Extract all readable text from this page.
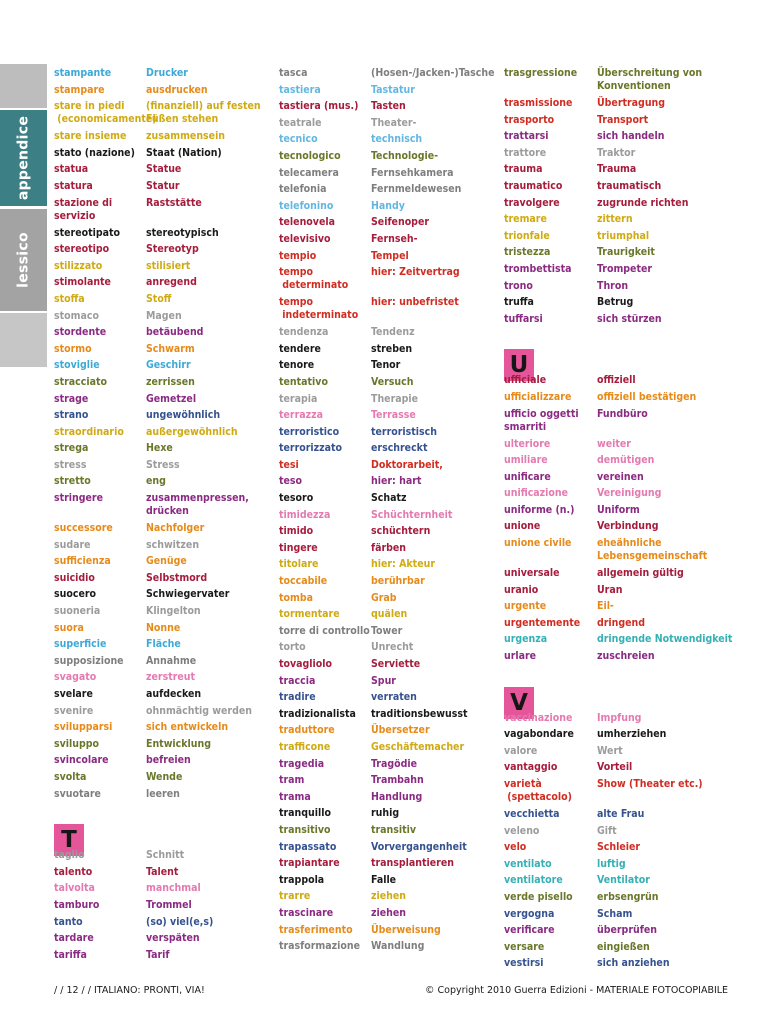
appendice
lessico
stampante
stampare
stare in piedi
(economicamente)
stare insieme
stato (nazione)
statua
statura
stazione di
servizio
stereotipato
stereotipo
stilizzato
stimolante
stoffa
stomaco
stordente
stormo
stoviglie
stracciato
strage
strano
straordinario
strega
stress
stretto
stringere
successore
sudare
sufficienza
suicidio
suocero
suoneria
suora
superficie
supposizione
svagato
svelare
svenire
svilupparsi
sviluppo
svincolare
svolta
svuotare
T
taglio
talento
talvolta
tamburo
tanto
tardare
tariffa
Drucker
ausdrucken
(finanziell) auf festen
Füßen stehen
zusammensein
Staat (Nation)
Statue
Statur
Raststätte
stereotypisch
Stereotyp
stilisiert
anregend
Stoff
Magen
betäubend
Schwarm
Geschirr
zerrissen
Gemetzel
ungewöhnlich
außergewöhnlich
Hexe
Stress
eng
zusammenpressen,
drücken
Nachfolger
schwitzen
Genüge
Selbstmord
Schwiegervater
Klingelton
Nonne
Fläche
Annahme
zerstreut
aufdecken
ohnmächtig werden
sich entwickeln
Entwicklung
befreien
Wende
leeren
Schnitt
Talent
manchmal
Trommel
(so) viel(e,s)
verspäten
Tarif
tasca
tastiera
tastiera (mus.)
teatrale
tecnico
tecnologico
telecamera
telefonia
telefonino
telenovela
televisivo
tempio
tempo
determinato
tempo
indeterminato
tendenza
tendere
tenore
tentativo
terapia
terrazza
terroristico
terrorizzato
tesi
teso
tesoro
timidezza
timido
tingere
titolare
toccabile
tomba
tormentare
torre di controllo
torto
tovagliolo
traccia
tradire
tradizionalista
traduttore
trafficone
tragedia
tram
trama
tranquillo
transitivo
trapassato
trapiantare
trappola
trarre
trascinare
trasferimento
trasformazione
(Hosen-/Jacken-)Tasche
Tastatur
Tasten
Theater-
technisch
Technologie-
Fernsehkamera
Fernmeldewesen
Handy
Seifenoper
Fernseh-
Tempel
hier: Zeitvertrag
hier: unbefristet
Tendenz
streben
Tenor
Versuch
Therapie
Terrasse
terroristisch
erschreckt
Doktorarbeit,
hier: hart
Schatz
Schüchternheit
schüchtern
färben
hier: Akteur
berührbar
Grab
quälen
Tower
Unrecht
Serviette
Spur
verraten
traditionsbewusst
Übersetzer
Geschäftemacher
Tragödie
Trambahn
Handlung
ruhig
transitiv
Vorvergangenheit
transplantieren
Falle
ziehen
ziehen
Überweisung
Wandlung
trasgressione
trasmissione
trasporto
trattarsi
trattore
trauma
traumatico
travolgere
tremare
trionfale
tristezza
trombettista
trono
truffa
tuffarsi
U
ufficiale
ufficializzare
ufficio oggetti
smarriti
ulteriore
umiliare
unificare
unificazione
uniforme (n.)
unione
unione civile
universale
uranio
urgente
urgentemente
urgenza
urlare
V
vaccinazione
vagabondare
valore
vantaggio
varietà
(spettacolo)
vecchietta
veleno
velo
ventilato
ventilatore
verde pisello
vergogna
verificare
versare
vestirsi
Überschreitung von
Konventionen
Übertragung
Transport
sich handeln
Traktor
Trauma
traumatisch
zugrunde richten
zittern
triumphal
Traurigkeit
Trompeter
Thron
Betrug
sich stürzen
offiziell
offiziell bestätigen
Fundbüro
weiter
demütigen
vereinen
Vereinigung
Uniform
Verbindung
eheähnliche
Lebensgemeinschaft
allgemein gültig
Uran
Eil-
dringend
dringende Notwendigkeit
zuschreien
Impfung
umherziehen
Wert
Vorteil
Show (Theater etc.)
alte Frau
Gift
Schleier
luftig
Ventilator
erbsengrün
Scham
überprüfen
eingießen
sich anziehen
/ / 12 / / ITALIANO: PRONTI, VIA!	© Copyright 2010 Guerra Edizioni - MATERIALE FOTOCOPIABILE
